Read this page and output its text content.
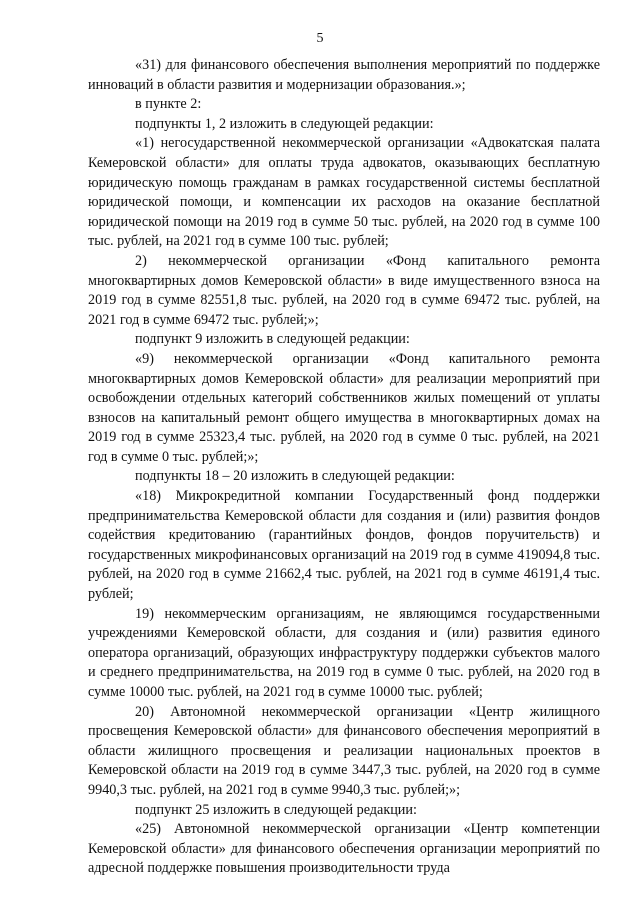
5

«31) для финансового обеспечения выполнения мероприятий по поддержке инноваций в области развития и модернизации образования.»;

в пункте 2:

подпункты 1, 2 изложить в следующей редакции:

«1) негосударственной некоммерческой организации «Адвокатская палата Кемеровской области» для оплаты труда адвокатов, оказывающих бесплатную юридическую помощь гражданам в рамках государственной системы бесплатной юридической помощи, и компенсации их расходов на оказание бесплатной юридической помощи на 2019 год в сумме 50 тыс. рублей, на 2020 год в сумме 100 тыс. рублей, на 2021 год в сумме 100 тыс. рублей;

2) некоммерческой организации «Фонд капитального ремонта многоквартирных домов Кемеровской области» в виде имущественного взноса на 2019 год в сумме 82551,8 тыс. рублей, на 2020 год в сумме 69472 тыс. рублей, на 2021 год в сумме 69472 тыс. рублей;»;

подпункт 9 изложить в следующей редакции:

«9) некоммерческой организации «Фонд капитального ремонта многоквартирных домов Кемеровской области» для реализации мероприятий при освобождении отдельных категорий собственников жилых помещений от уплаты взносов на капитальный ремонт общего имущества в многоквартирных домах на 2019 год в сумме 25323,4 тыс. рублей, на 2020 год в сумме 0 тыс. рублей, на 2021 год в сумме 0 тыс. рублей;»;

подпункты 18 – 20 изложить в следующей редакции:

«18) Микрокредитной компании Государственный фонд поддержки предпринимательства Кемеровской области для создания и (или) развития фондов содействия кредитованию (гарантийных фондов, фондов поручительств) и государственных микрофинансовых организаций на 2019 год в сумме 419094,8 тыс. рублей, на 2020 год в сумме 21662,4 тыс. рублей, на 2021 год в сумме 46191,4 тыс. рублей;

19) некоммерческим организациям, не являющимся государственными учреждениями Кемеровской области, для создания и (или) развития единого оператора организаций, образующих инфраструктуру поддержки субъектов малого и среднего предпринимательства, на 2019 год в сумме 0 тыс. рублей, на 2020 год в сумме 10000 тыс. рублей, на 2021 год в сумме 10000 тыс. рублей;

20) Автономной некоммерческой организации «Центр жилищного просвещения Кемеровской области» для финансового обеспечения мероприятий в области жилищного просвещения и реализации национальных проектов в Кемеровской области на 2019 год в сумме 3447,3 тыс. рублей, на 2020 год в сумме 9940,3 тыс. рублей, на 2021 год в сумме 9940,3 тыс. рублей;»;

подпункт 25 изложить в следующей редакции:

«25) Автономной некоммерческой организации «Центр компетенции Кемеровской области» для финансового обеспечения организации мероприятий по адресной поддержке повышения производительности труда
